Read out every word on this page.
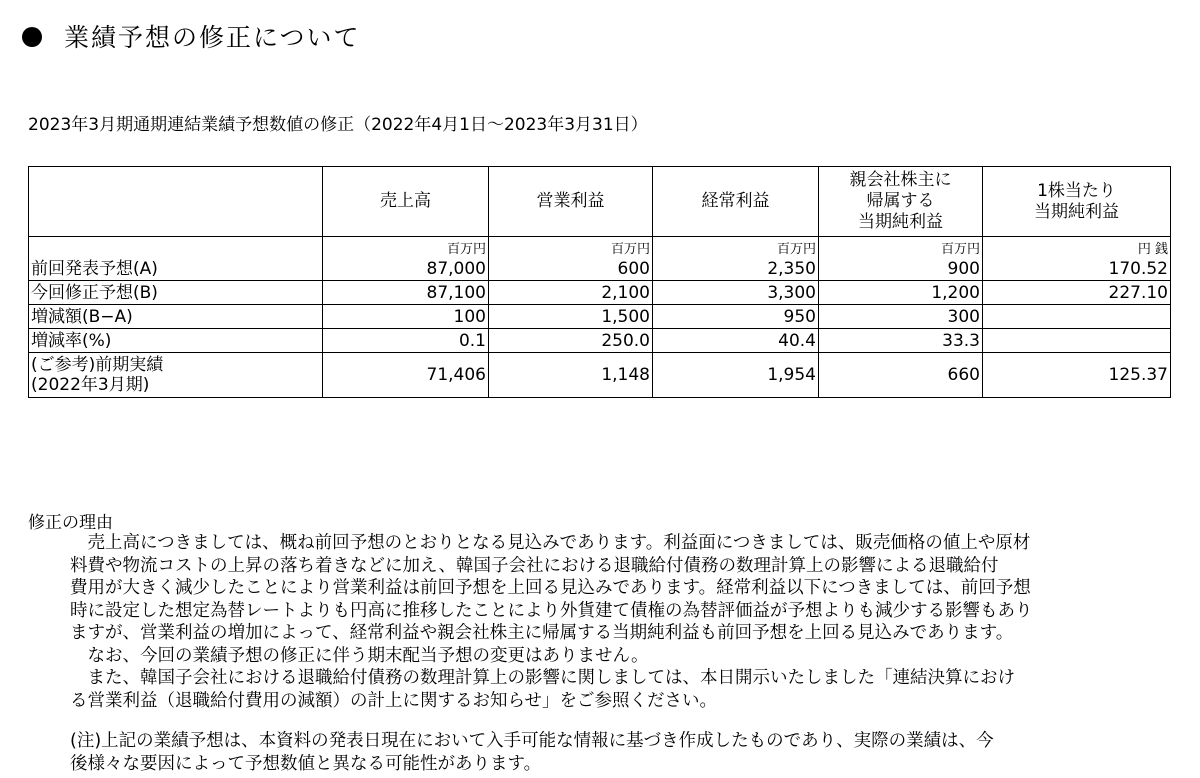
業績予想の修正について
2023年3月期通期連結業績予想数値の修正（2022年4月1日～2023年3月31日）
	売上高	営業利益	経常利益	親会社株主に
帰属する
当期純利益	1株当たり
当期純利益
	百万円	百万円	百万円	百万円	円 銭
前回発表予想(A)	87,000	600	2,350	900	170.52
今回修正予想(B)	87,100	2,100	3,300	1,200	227.10
増減額(B−A)	100	1,500	950	300	
増減率(%)	0.1	250.0	40.4	33.3	
(ご参考)前期実績
(2022年3月期)	71,406	1,148	1,954	660	125.37
修正の理由
　売上高につきましては、概ね前回予想のとおりとなる見込みであります。利益面につきましては、販売価格の値上や原材
料費や物流コストの上昇の落ち着きなどに加え、韓国子会社における退職給付債務の数理計算上の影響による退職給付
費用が大きく減少したことにより営業利益は前回予想を上回る見込みであります。経常利益以下につきましては、前回予想
時に設定した想定為替レートよりも円高に推移したことにより外貨建て債権の為替評価益が予想よりも減少する影響もあり
ますが、営業利益の増加によって、経常利益や親会社株主に帰属する当期純利益も前回予想を上回る見込みであります。
　なお、今回の業績予想の修正に伴う期末配当予想の変更はありません。
　また、韓国子会社における退職給付債務の数理計算上の影響に関しましては、本日開示いたしました「連結決算におけ
る営業利益（退職給付費用の減額）の計上に関するお知らせ」をご参照ください。
(注)上記の業績予想は、本資料の発表日現在において入手可能な情報に基づき作成したものであり、実際の業績は、今
後様々な要因によって予想数値と異なる可能性があります。
